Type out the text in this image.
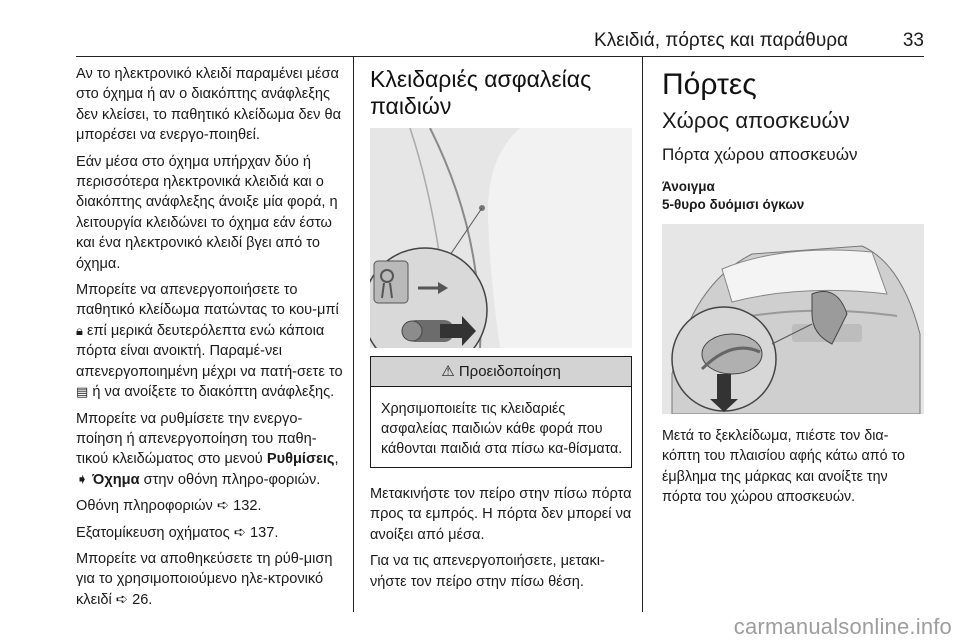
Κλειδιά, πόρτες και παράθυρα	33

Αν το ηλεκτρονικό κλειδί παραμένει μέσα στο όχημα ή αν ο διακόπτης ανάφλεξης δεν κλείσει, το παθητικό κλείδωμα δεν θα μπορέσει να ενεργο-ποιηθεί.

Εάν μέσα στο όχημα υπήρχαν δύο ή περισσότερα ηλεκτρονικά κλειδιά και ο διακόπτης ανάφλεξης άνοιξε μία φορά, η λειτουργία κλειδώνει το όχημα εάν έστω και ένα ηλεκτρονικό κλειδί βγει από το όχημα.

Μπορείτε να απενεργοποιήσετε το παθητικό κλείδωμα πατώντας το κου-μπί 🔒︎ επί μερικά δευτερόλεπτα ενώ κάποια πόρτα είναι ανοικτή. Παραμέ-νει απενεργοποιημένη μέχρι να πατή-σετε το ▤ ή να ανοίξετε το διακόπτη ανάφλεξης.

Μπορείτε να ρυθμίσετε την ενεργο-ποίηση ή απενεργοποίηση του παθη-τικού κλειδώματος στο μενού Ρυθμίσεις, ➧ Όχημα στην οθόνη πληρο-φοριών.

Οθόνη πληροφοριών ➪ 132.

Εξατομίκευση οχήματος ➪ 137.

Μπορείτε να αποθηκεύσετε τη ρύθ-μιση για το χρησιμοποιούμενο ηλε-κτρονικό κλειδί ➪ 26.

Κλειδαριές ασφαλείας παιδιών
⚠ Προειδοποίηση
Χρησιμοποιείτε τις κλειδαριές ασφαλείας παιδιών κάθε φορά που κάθονται παιδιά στα πίσω κα-θίσματα.

Μετακινήστε τον πείρο στην πίσω πόρτα προς τα εμπρός. Η πόρτα δεν μπορεί να ανοίξει από μέσα.

Για να τις απενεργοποιήσετε, μετακι-νήστε τον πείρο στην πίσω θέση.

Πόρτες
Χώρος αποσκευών
Πόρτα χώρου αποσκευών
Άνοιγμα
5-θυρο δυόμισι όγκων

Μετά το ξεκλείδωμα, πιέστε τον δια-κόπτη του πλαισίου αφής κάτω από το έμβλημα της μάρκας και ανοίξτε την πόρτα του χώρου αποσκευών.

carmanualsonline.info
